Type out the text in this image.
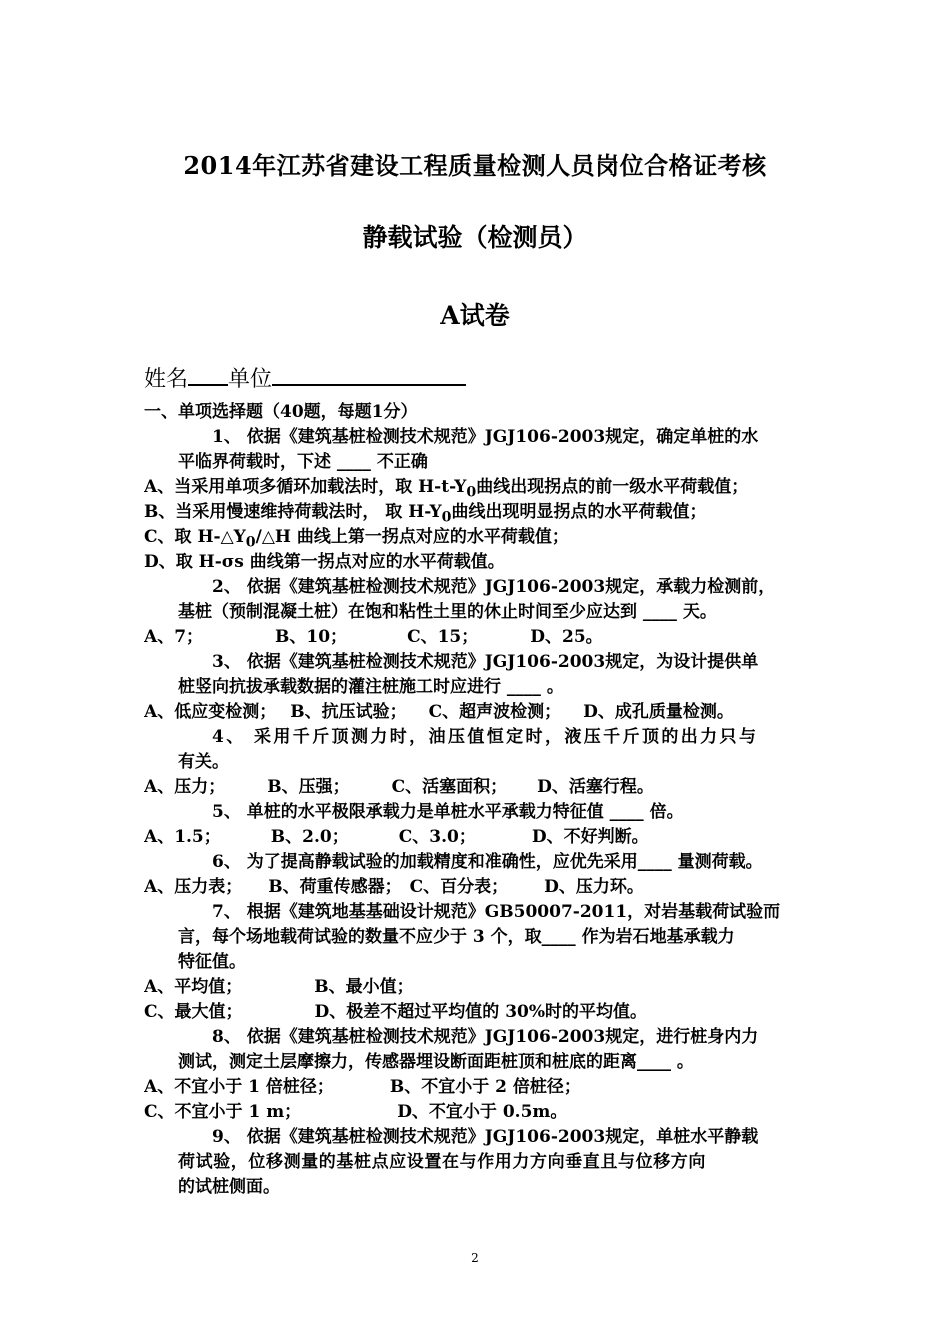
2014年江苏省建设工程质量检测人员岗位合格证考核
静载试验（检测员）
A试卷
姓名 单位
一、单项选择题（40题，每题1分）
1、 依据《建筑基桩检测技术规范》JGJ106-2003规定，确定单桩的水
平临界荷载时，下述 ____ 不正确
A、当采用单项多循环加载法时，取 $H-t-Y_0$曲线出现拐点的前一级水平荷载值；
B、当采用慢速维持荷载法时， 取 $H-Y_0$曲线出现明显拐点的水平荷载值；
C、取 $H-\triangle Y_0/\triangle H$ 曲线上第一拐点对应的水平荷载值；
D、取 H-σs 曲线第一拐点对应的水平荷载值。
2、 依据《建筑基桩检测技术规范》JGJ106-2003规定，承载力检测前，
基桩（预制混凝土桩）在饱和粘性土里的休止时间至少应达到 ____ 天。
A、7；	B、10；	C、15；	D、25。
3、 依据《建筑基桩检测技术规范》JGJ106-2003规定，为设计提供单
桩竖向抗拔承载数据的灌注桩施工时应进行 ____ 。
A、低应变检测； B、抗压试验； C、超声波检测； D、成孔质量检测。
4、 采用千斤顶测力时，油压值恒定时，液压千斤顶的出力只与
有关。
A、压力； B、压强； C、活塞面积； D、活塞行程。
5、 单桩的水平极限承载力是单桩水平承载力特征值 ____ 倍。
A、1.5；	B、2.0；	C、3.0；	D、不好判断。
6、 为了提高静载试验的加载精度和准确性，应优先采用____ 量测荷载。
A、压力表； B、荷重传感器； C、百分表； D、压力环。
7、 根据《建筑地基基础设计规范》GB50007-2011，对岩基载荷试验而
言，每个场地载荷试验的数量不应少于 3 个，取____ 作为岩石地基承载力
特征值。
A、平均值；	B、最小值；
C、最大值；	D、极差不超过平均值的 30%时的平均值。
8、 依据《建筑基桩检测技术规范》JGJ106-2003规定，进行桩身内力
测试，测定土层摩擦力，传感器埋设断面距桩顶和桩底的距离____ 。
A、不宜小于 1 倍桩径；	B、不宜小于 2 倍桩径；
C、不宜小于 1 m；	D、不宜小于 0.5m。
9、 依据《建筑基桩检测技术规范》JGJ106-2003规定，单桩水平静载
荷试验，位移测量的基桩点应设置在与作用力方向垂直且与位移方向
的试桩侧面。
2
